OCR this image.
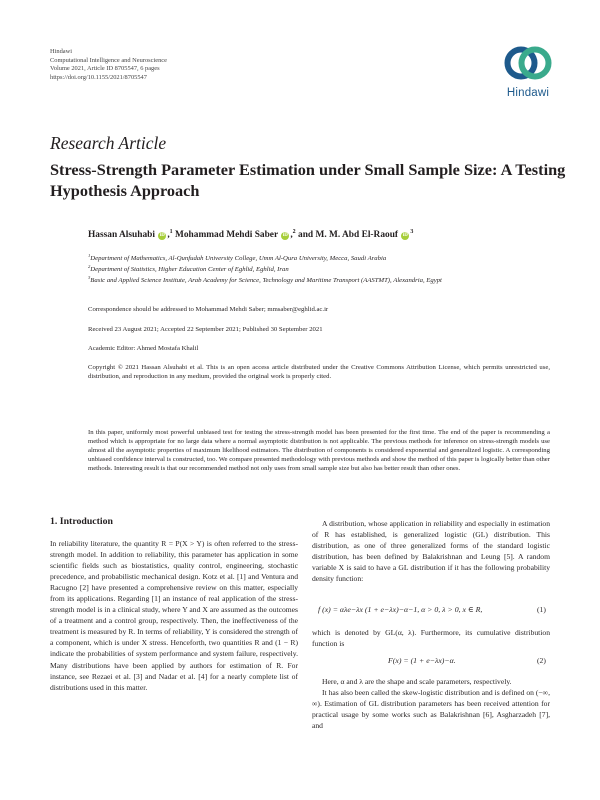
Hindawi
Computational Intelligence and Neuroscience
Volume 2021, Article ID 8705547, 6 pages
https://doi.org/10.1155/2021/8705547
Hindawi
Research Article
Stress-Strength Parameter Estimation under Small Sample Size: A Testing Hypothesis Approach
Hassan Alsuhabi iD ,$^1$ Mohammad Mehdi Saber iD ,$^2$ and M. M. Abd El-Raouf $iD^3$
$^1$Department of Mathematics, Al-Qunfudah University College, Umm Al-Qura University, Mecca, Saudi Arabia
$^2$Department of Statistics, Higher Education Center of Eghlid, Eghlid, Iran
$^3$Basic and Applied Science Institute, Arab Academy for Science, Technology and Maritime Transport (AASTMT), Alexandria, Egypt
Correspondence should be addressed to Mohammad Mehdi Saber; mmsaber@eghlid.ac.ir
Received 23 August 2021; Accepted 22 September 2021; Published 30 September 2021
Academic Editor: Ahmed Mostafa Khalil
Copyright © 2021 Hassan Alsuhabi et al. This is an open access article distributed under the Creative Commons Attribution License, which permits unrestricted use, distribution, and reproduction in any medium, provided the original work is properly cited.
In this paper, uniformly most powerful unbiased test for testing the stress-strength model has been presented for the first time. The end of the paper is recommending a method which is appropriate for no large data where a normal asymptotic distribution is not applicable. The previous methods for inference on stress-strength models use almost all the asymptotic properties of maximum likelihood estimators. The distribution of components is considered exponential and generalized logistic. A corresponding unbiased confidence interval is constructed, too. We compare presented methodology with previous methods and show the method of this paper is logically better than other methods. Interesting result is that our recommended method not only uses from small sample size but also has better result than other ones.
1. Introduction

In reliability literature, the quantity R = P(X > Y) is often referred to the stress-strength model. In addition to reliability, this parameter has application in some scientific fields such as biostatistics, quality control, engineering, stochastic precedence, and probabilistic mechanical design. Kotz et al. [1] and Ventura and Racugno [2] have presented a comprehensive review on this matter, especially from its applications. Regarding [1] an instance of real application of the stress-strength model is in a clinical study, where Y and X are assumed as the outcomes of a treatment and a control group, respectively. Then, the ineffectiveness of the treatment is measured by R. In terms of reliability, Y is considered the strength of a component, which is under X stress. Henceforth, two quantities R and (1 − R) indicate the probabilities of system performance and system failure, respectively. Many distributions have been applied by authors for estimation of R. For instance, see Rezaei et al. [3] and Nadar et al. [4] for a nearly complete list of distributions used in this matter.

A distribution, whose application in reliability and especially in estimation of R has established, is generalized logistic (GL) distribution. This distribution, as one of three generalized forms of the standard logistic distribution, has been defined by Balakrishnan and Leung [5]. A random variable X is said to have a GL distribution if it has the following probability density function:

f (x) = αλe−λx (1 + e−λx)−α−1, α > 0, λ > 0, x ∈ R,	(1)

which is denoted by GL(α, λ). Furthermore, its cumulative distribution function is

F(x) = (1 + e−λx)−α.	(2)

Here, α and λ are the shape and scale parameters, respectively.

It has also been called the skew-logistic distribution and is defined on (−∞, ∞). Estimation of GL distribution parameters has been received attention for practical usage by some works such as Balakrishnan [6], Asgharzadeh [7], and
